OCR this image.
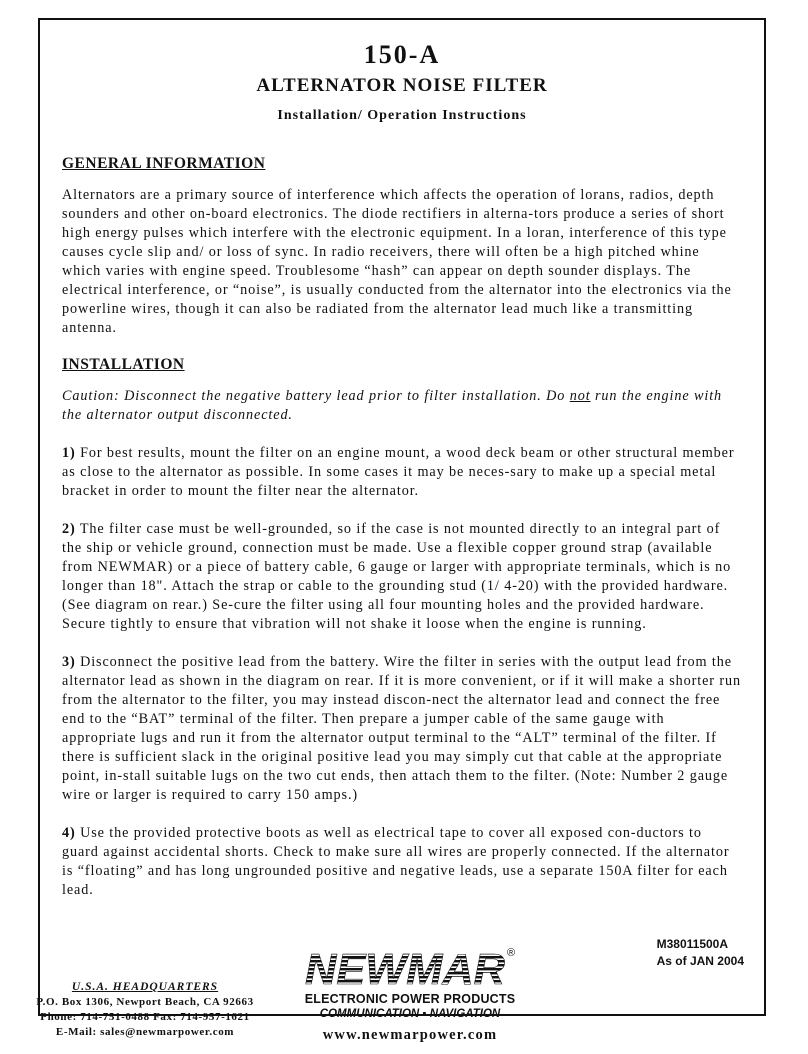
150-A
ALTERNATOR NOISE FILTER
Installation/ Operation Instructions

GENERAL INFORMATION

Alternators are a primary source of interference which affects the operation of lorans, radios, depth sounders and other on-board electronics. The diode rectifiers in alterna-tors produce a series of short high energy pulses which interfere with the electronic equipment. In a loran, interference of this type causes cycle slip and/ or loss of sync. In radio receivers, there will often be a high pitched whine which varies with engine speed. Troublesome “hash” can appear on depth sounder displays. The electrical interference, or “noise”, is usually conducted from the alternator into the electronics via the powerline wires, though it can also be radiated from the alternator lead much like a transmitting antenna.

INSTALLATION

Caution: Disconnect the negative battery lead prior to filter installation. Do not run the engine with the alternator output disconnected.

1) For best results, mount the filter on an engine mount, a wood deck beam or other structural member as close to the alternator as possible. In some cases it may be neces-sary to make up a special metal bracket in order to mount the filter near the alternator.

2) The filter case must be well-grounded, so if the case is not mounted directly to an integral part of the ship or vehicle ground, connection must be made. Use a flexible copper ground strap (available from NEWMAR) or a piece of battery cable, 6 gauge or larger with appropriate terminals, which is no longer than 18". Attach the strap or cable to the grounding stud (1/ 4-20) with the provided hardware. (See diagram on rear.) Se-cure the filter using all four mounting holes and the provided hardware. Secure tightly to ensure that vibration will not shake it loose when the engine is running.

3) Disconnect the positive lead from the battery. Wire the filter in series with the output lead from the alternator lead as shown in the diagram on rear. If it is more convenient, or if it will make a shorter run from the alternator to the filter, you may instead discon-nect the alternator lead and connect the free end to the “BAT” terminal of the filter. Then prepare a jumper cable of the same gauge with appropriate lugs and run it from the alternator output terminal to the “ALT” terminal of the filter. If there is sufficient slack in the original positive lead you may simply cut that cable at the appropriate point, in-stall suitable lugs on the two cut ends, then attach them to the filter. (Note: Number 2 gauge wire or larger is required to carry 150 amps.)

4) Use the provided protective boots as well as electrical tape to cover all exposed con-ductors to guard against accidental shorts. Check to make sure all wires are properly connected. If the alternator is “floating” and has long ungrounded positive and negative leads, use a separate 150A filter for each lead.

M38011500A
As of JAN 2004
U.S.A. HEADQUARTERS
P.O. Box 1306, Newport Beach, CA 92663
Phone: 714-751-0488 Fax: 714-957-1621
E-Mail: sales@newmarpower.com
NEWMAR ®
ELECTRONIC POWER PRODUCTS
COMMUNICATION ▪ NAVIGATION
www.newmarpower.com
